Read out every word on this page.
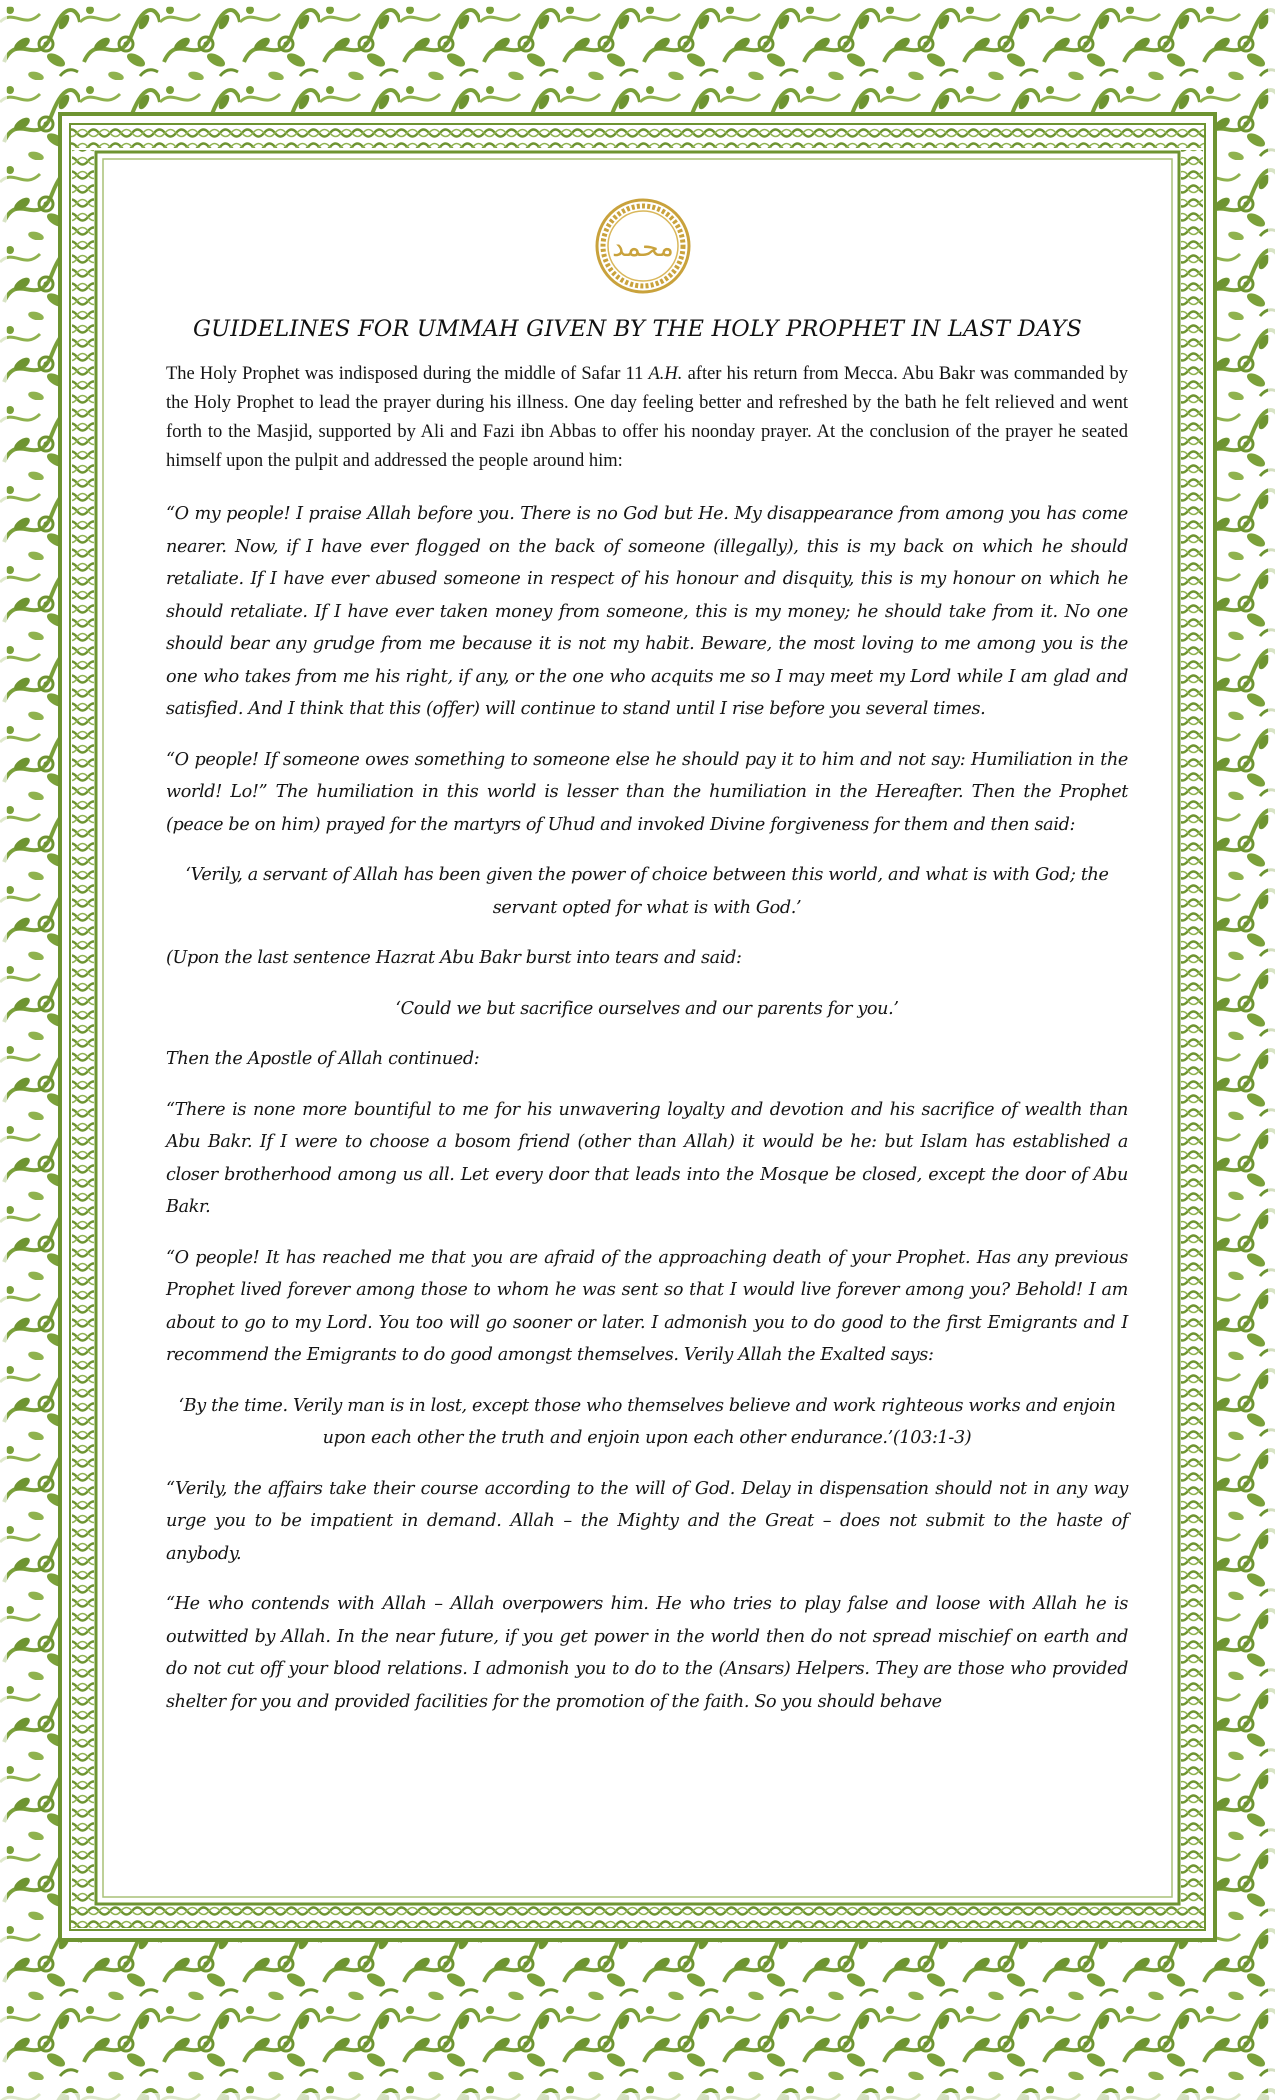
محمد
GUIDELINES FOR UMMAH GIVEN BY THE HOLY PROPHET IN LAST DAYS

The Holy Prophet was indisposed during the middle of Safar 11 A.H. after his return from Mecca. Abu Bakr was commanded by the Holy Prophet to lead the prayer during his illness. One day feeling better and refreshed by the bath he felt relieved and went forth to the Masjid, supported by Ali and Fazi ibn Abbas to offer his noonday prayer. At the conclusion of the prayer he seated himself upon the pulpit and addressed the people around him:

“O my people! I praise Allah before you. There is no God but He. My disappearance from among you has come nearer. Now, if I have ever flogged on the back of someone (illegally), this is my back on which he should retaliate. If I have ever abused someone in respect of his honour and disquity, this is my honour on which he should retaliate. If I have ever taken money from someone, this is my money; he should take from it. No one should bear any grudge from me because it is not my habit. Beware, the most loving to me among you is the one who takes from me his right, if any, or the one who acquits me so I may meet my Lord while I am glad and satisfied. And I think that this (offer) will continue to stand until I rise before you several times.

“O people! If someone owes something to someone else he should pay it to him and not say: Humiliation in the world! Lo!” The humiliation in this world is lesser than the humiliation in the Hereafter. Then the Prophet (peace be on him) prayed for the martyrs of Uhud and invoked Divine forgiveness for them and then said:

‘Verily, a servant of Allah has been given the power of choice between this world, and what is with God; the servant opted for what is with God.’

(Upon the last sentence Hazrat Abu Bakr burst into tears and said:

‘Could we but sacrifice ourselves and our parents for you.’

Then the Apostle of Allah continued:

“There is none more bountiful to me for his unwavering loyalty and devotion and his sacrifice of wealth than Abu Bakr. If I were to choose a bosom friend (other than Allah) it would be he: but Islam has established a closer brotherhood among us all. Let every door that leads into the Mosque be closed, except the door of Abu Bakr.

“O people! It has reached me that you are afraid of the approaching death of your Prophet. Has any previous Prophet lived forever among those to whom he was sent so that I would live forever among you? Behold! I am about to go to my Lord. You too will go sooner or later. I admonish you to do good to the first Emigrants and I recommend the Emigrants to do good amongst themselves. Verily Allah the Exalted says:

‘By the time. Verily man is in lost, except those who themselves believe and work righteous works and enjoin upon each other the truth and enjoin upon each other endurance.’(103:1-3)

“Verily, the affairs take their course according to the will of God. Delay in dispensation should not in any way urge you to be impatient in demand. Allah – the Mighty and the Great – does not submit to the haste of anybody.

“He who contends with Allah – Allah overpowers him. He who tries to play false and loose with Allah he is outwitted by Allah. In the near future, if you get power in the world then do not spread mischief on earth and do not cut off your blood relations. I admonish you to do to the (Ansars) Helpers. They are those who provided shelter for you and provided facilities for the promotion of the faith. So you should behave
